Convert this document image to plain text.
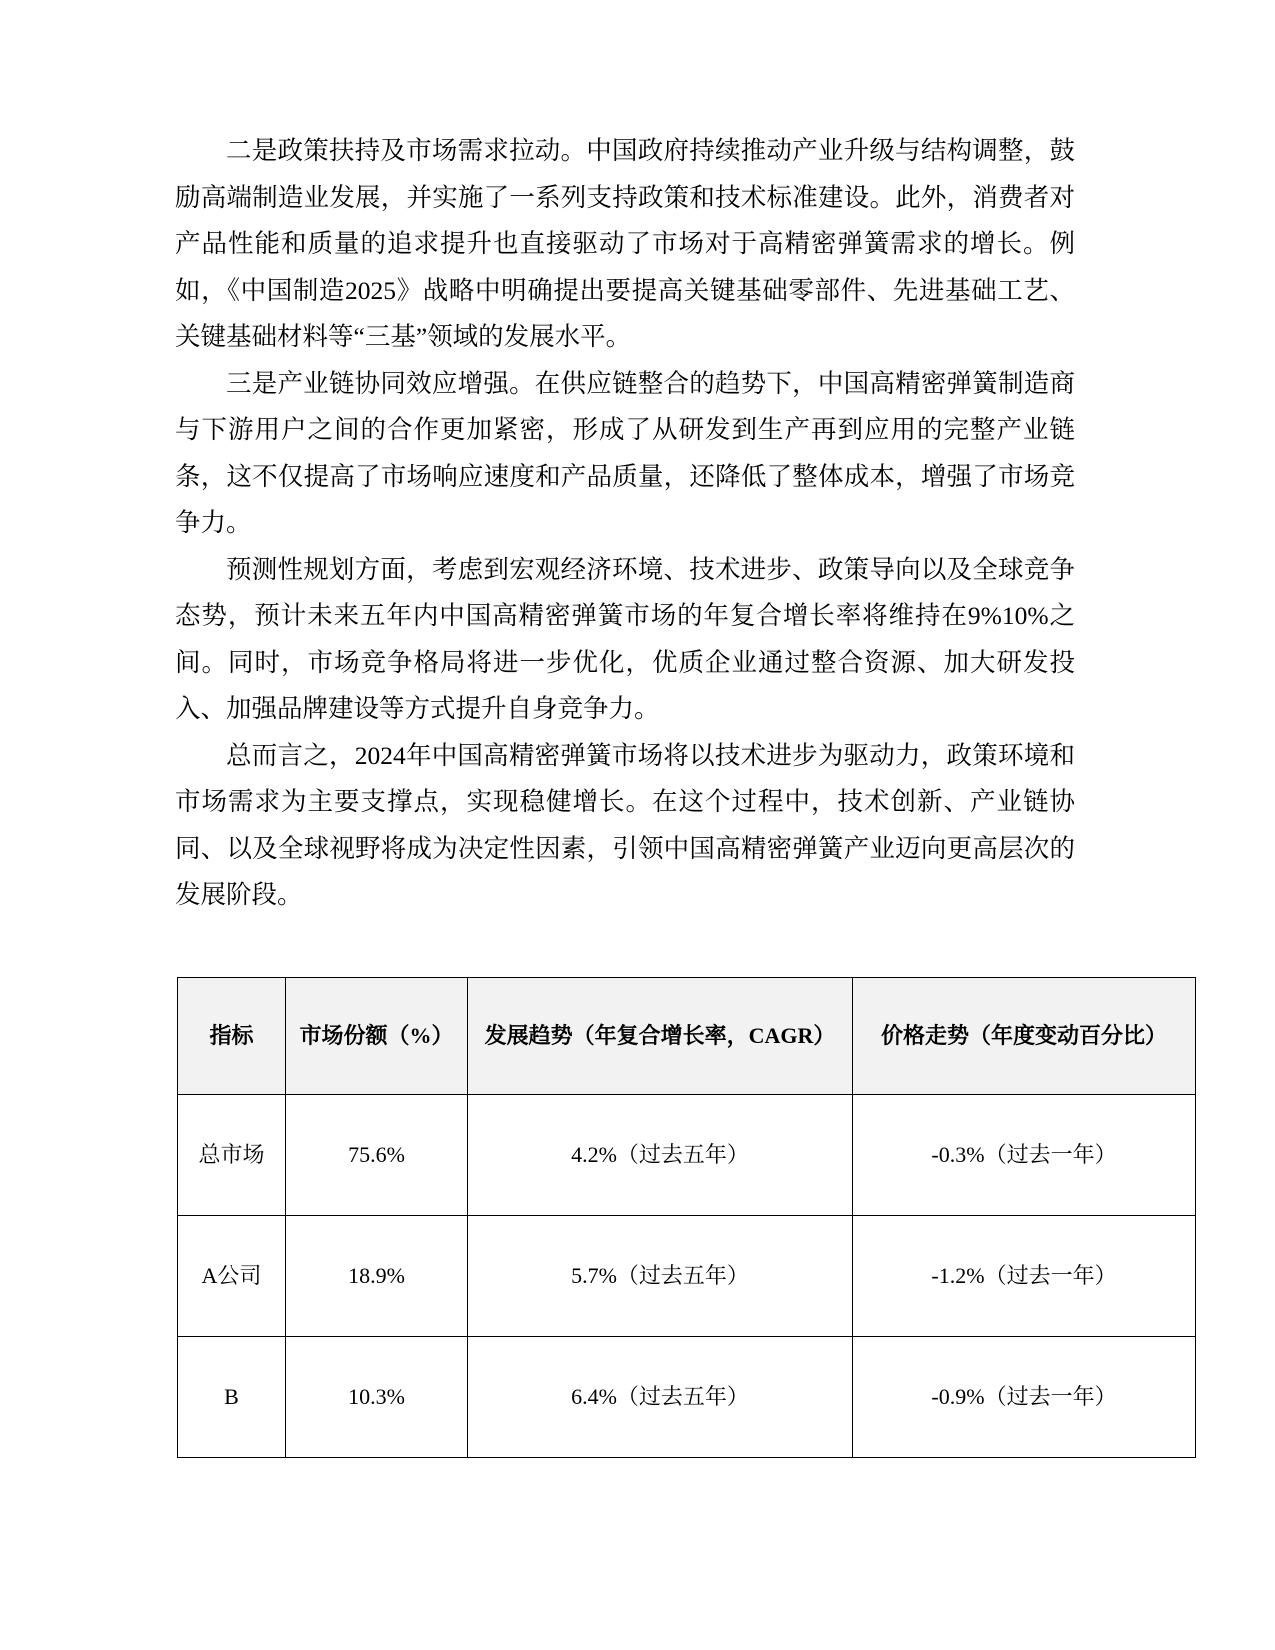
二是政策扶持及市场需求拉动。中国政府持续推动产业升级与结构调整，鼓励高端制造业发展，并实施了一系列支持政策和技术标准建设。此外，消费者对产品性能和质量的追求提升也直接驱动了市场对于高精密弹簧需求的增长。例如，《中国制造2025》战略中明确提出要提高关键基础零部件、先进基础工艺、关键基础材料等“三基”领域的发展水平。

三是产业链协同效应增强。在供应链整合的趋势下，中国高精密弹簧制造商与下游用户之间的合作更加紧密，形成了从研发到生产再到应用的完整产业链条，这不仅提高了市场响应速度和产品质量，还降低了整体成本，增强了市场竞争力。

预测性规划方面，考虑到宏观经济环境、技术进步、政策导向以及全球竞争态势，预计未来五年内中国高精密弹簧市场的年复合增长率将维持在9%10%之间。同时，市场竞争格局将进一步优化，优质企业通过整合资源、加大研发投入、加强品牌建设等方式提升自身竞争力。

总而言之，2024年中国高精密弹簧市场将以技术进步为驱动力，政策环境和市场需求为主要支撑点，实现稳健增长。在这个过程中，技术创新、产业链协同、以及全球视野将成为决定性因素，引领中国高精密弹簧产业迈向更高层次的发展阶段。

指标	市场份额（%）	发展趋势（年复合增长率，CAGR）	价格走势（年度变动百分比）
总市场	75.6%	4.2%（过去五年）	-0.3%（过去一年）
A公司	18.9%	5.7%（过去五年）	-1.2%（过去一年）
B	10.3%	6.4%（过去五年）	-0.9%（过去一年）
